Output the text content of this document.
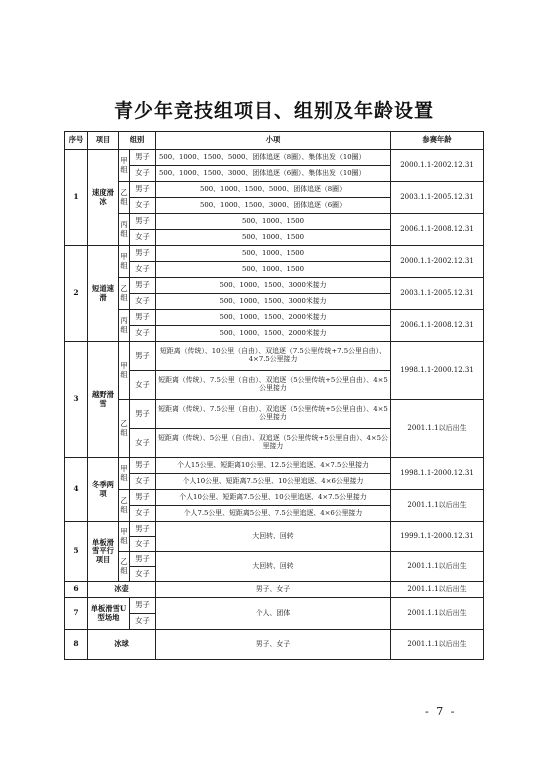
青少年竞技组项目、组别及年龄设置
序号	项目	组别		小项	参赛年龄
1	速度滑冰	甲组	男子	500、1000、1500、5000、团体追逐（8圈）、集体出发（10圈）	2000.1.1-2002.12.31
			女子	500、1000、1500、3000、团体追逐（6圈）、集体出发（10圈）	
		乙组	男子	500、1000、1500、5000、团体追逐（8圈）	2003.1.1-2005.12.31
			女子	500、1000、1500、3000、团体追逐（6圈）	
		丙组	男子	500、1000、1500	2006.1.1-2008.12.31
			女子	500、1000、1500	
2	短道速滑	甲组	男子	500、1000、1500	2000.1.1-2002.12.31
			女子	500、1000、1500	
		乙组	男子	500、1000、1500、3000米接力	2003.1.1-2005.12.31
			女子	500、1000、1500、3000米接力	
		丙组	男子	500、1000、1500、2000米接力	2006.1.1-2008.12.31
			女子	500、1000、1500、2000米接力	
3	越野滑雪	甲组	男子	短距离（传统）、10公里（自由）、双追逐（7.5公里传统+7.5公里自由）、4×7.5公里接力	1998.1.1-2000.12.31
			女子	短距离（传统）、7.5公里（自由）、双追逐（5公里传统+5公里自由）、4×5公里接力	
		乙组	男子	短距离（传统）、7.5公里（自由）、双追逐（5公里传统+5公里自由）、4×5公里接力	2001.1.1以后出生
			女子	短距离（传统）、5公里（自由）、双追逐（5公里传统+5公里自由）、4×5公里接力	
4	冬季两项	甲组	男子	个人15公里、短距离10公里、12.5公里追逐、4×7.5公里接力	1998.1.1-2000.12.31
			女子	个人10公里、短距离7.5公里、10公里追逐、4×6公里接力	
		乙组	男子	个人10公里、短距离7.5公里、10公里追逐、4×7.5公里接力	2001.1.1以后出生
			女子	个人7.5公里、短距离5公里、7.5公里追逐、4×6公里接力	
5	单板滑雪平行项目	甲组	男子	大回转、回转	1999.1.1-2000.12.31
			女子		
		乙组	男子	大回转、回转	2001.1.1以后出生
			女子		
6	冰壶			男子、女子	2001.1.1以后出生
7	单板滑雪U型场地		男子	个人、团体	2001.1.1以后出生
			女子		
8	冰球			男子、女子	2001.1.1以后出生
- 7 -
